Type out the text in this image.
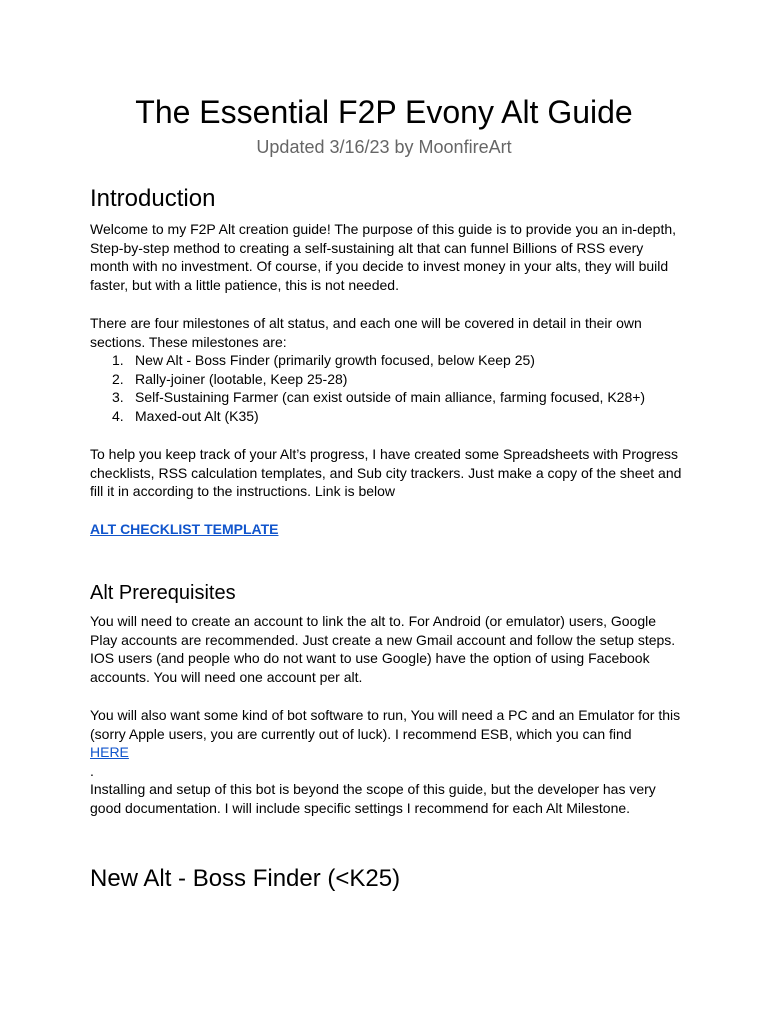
The Essential F2P Evony Alt Guide
Updated 3/16/23 by MoonfireArt
Introduction
Welcome to my F2P Alt creation guide! The purpose of this guide is to provide you an in-depth,
Step-by-step method to creating a self-sustaining alt that can funnel Billions of RSS every
month with no investment. Of course, if you decide to invest money in your alts, they will build
faster, but with a little patience, this is not needed.
There are four milestones of alt status, and each one will be covered in detail in their own
sections. These milestones are:
1. New Alt - Boss Finder (primarily growth focused, below Keep 25)
2. Rally-joiner (lootable, Keep 25-28)
3. Self-Sustaining Farmer (can exist outside of main alliance, farming focused, K28+)
4. Maxed-out Alt (K35)
To help you keep track of your Alt’s progress, I have created some Spreadsheets with Progress
checklists, RSS calculation templates, and Sub city trackers. Just make a copy of the sheet and
fill it in according to the instructions. Link is below
ALT CHECKLIST TEMPLATE
Alt Prerequisites
You will need to create an account to link the alt to. For Android (or emulator) users, Google
Play accounts are recommended. Just create a new Gmail account and follow the setup steps.
IOS users (and people who do not want to use Google) have the option of using Facebook
accounts. You will need one account per alt.
You will also want some kind of bot software to run, You will need a PC and an Emulator for this
(sorry Apple users, you are currently out of luck). I recommend ESB, which you can find
HERE
.
Installing and setup of this bot is beyond the scope of this guide, but the developer has very
good documentation. I will include specific settings I recommend for each Alt Milestone.
New Alt - Boss Finder (<K25)
